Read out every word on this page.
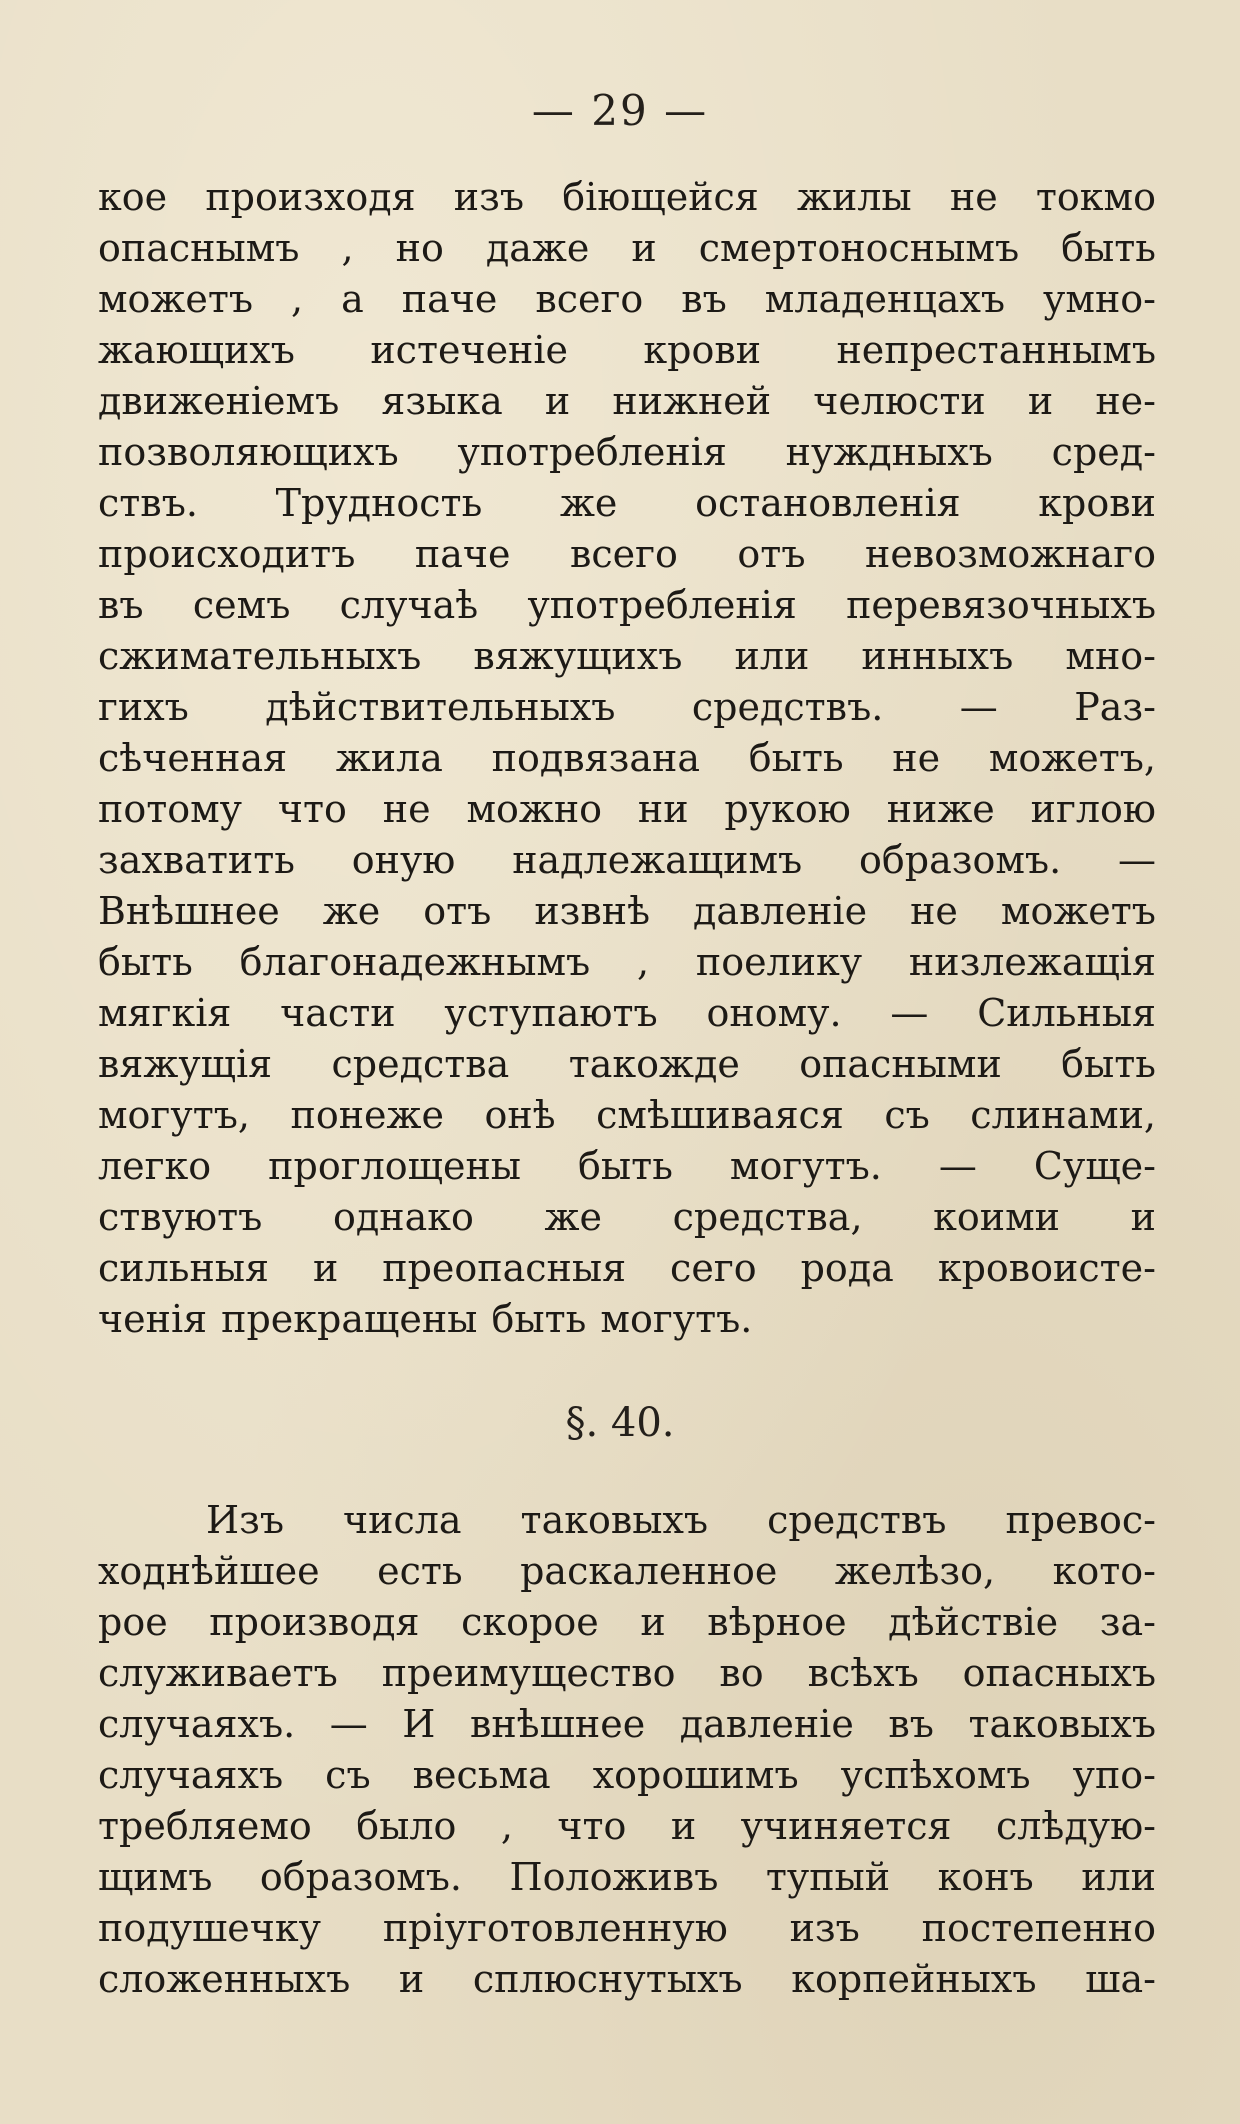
— 29 —
кое произходя изъ біющейся жилы не токмо
опаснымъ , но даже и смертоноснымъ быть
можетъ , а паче всего въ младенцахъ умно-
жающихъ истеченіе крови непрестаннымъ
движеніемъ языка и нижней челюсти и не-
позволяющихъ употребленія нуждныхъ сред-
ствъ. Трудность же остановленія крови
происходитъ паче всего отъ невозможнаго
въ семъ случаѣ употребленія перевязочныхъ
сжимательныхъ вяжущихъ или инныхъ мно-
гихъ дѣйствительныхъ средствъ. — Раз-
сѣченная жила подвязана быть не можетъ,
потому что не можно ни рукою ниже иглою
захватить оную надлежащимъ образомъ. —
Внѣшнее же отъ извнѣ давленіе не можетъ
быть благонадежнымъ , поелику низлежащія
мягкія части уступаютъ оному. — Сильныя
вяжущія средства такожде опасными быть
могутъ, понеже онѣ смѣшиваяся съ слинами,
легко проглощены быть могутъ. — Суще-
ствуютъ однако же средства, коими и
сильныя и преопасныя сего рода кровоисте-
ченія прекращены быть могутъ.
§. 40.
Изъ числа таковыхъ средствъ превос-
ходнѣйшее есть раскаленное желѣзо, кото-
рое производя скорое и вѣрное дѣйствіе за-
служиваетъ преимущество во всѣхъ опасныхъ
случаяхъ. — И внѣшнее давленіе въ таковыхъ
случаяхъ съ весьма хорошимъ успѣхомъ упо-
требляемо было , что и учиняется слѣдую-
щимъ образомъ. Положивъ тупый конъ или
подушечку пріуготовленную изъ постепенно
сложенныхъ и сплюснутыхъ корпейныхъ ша-
